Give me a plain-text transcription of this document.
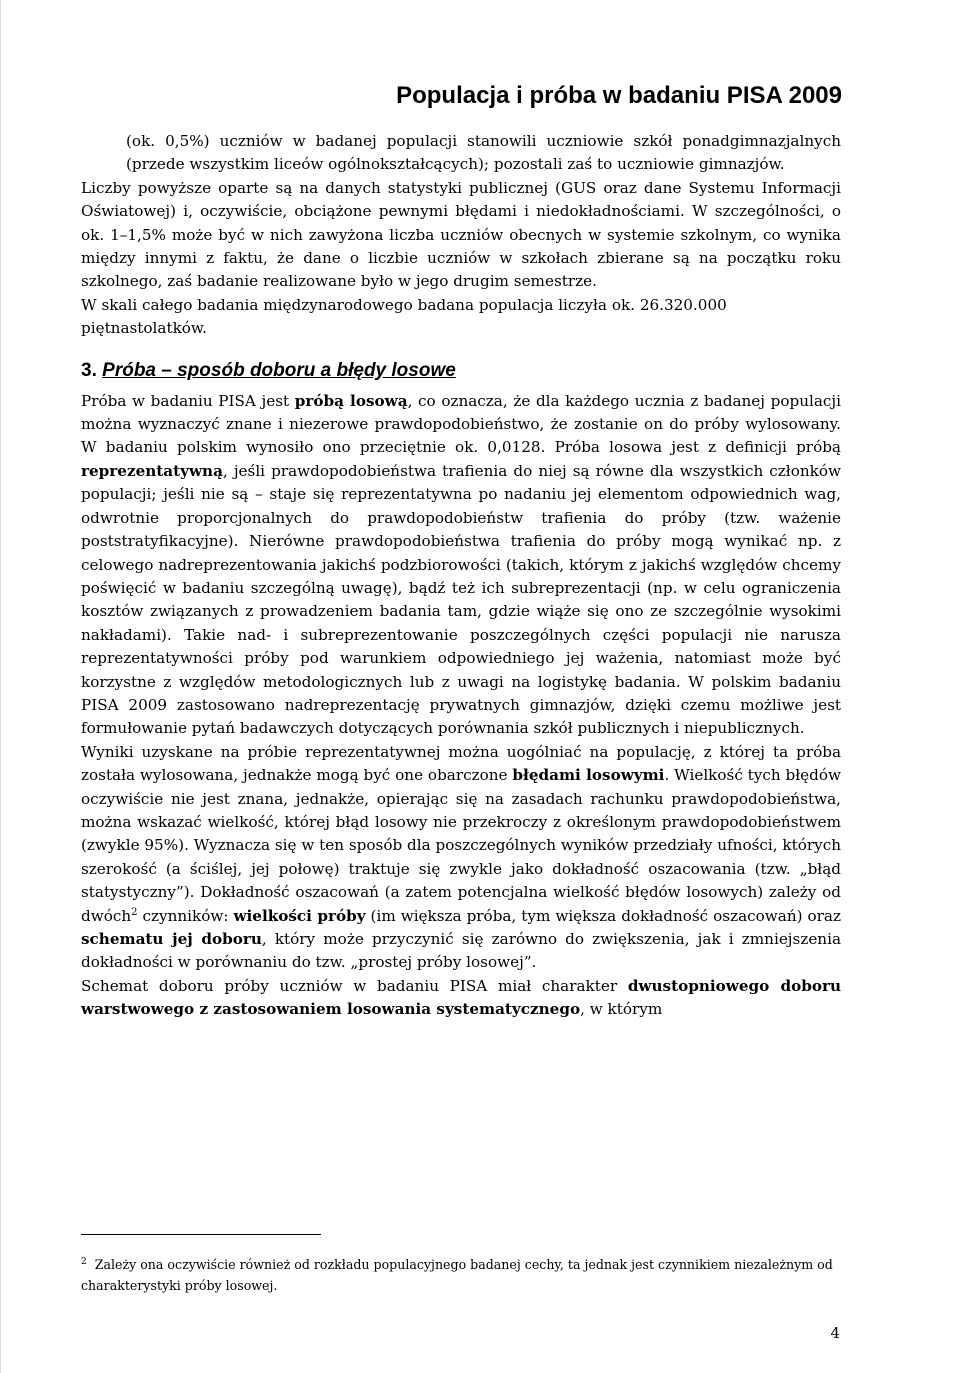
Populacja i próba w badaniu PISA 2009

(ok. 0,5%) uczniów w badanej populacji stanowili uczniowie szkół ponadgimnazjalnych (przede wszystkim liceów ogólnokształcących); pozostali zaś to uczniowie gimnazjów.

Liczby powyższe oparte są na danych statystyki publicznej (GUS oraz dane Systemu Informacji Oświatowej) i, oczywiście, obciążone pewnymi błędami i niedokładnościami. W szczególności, o ok. 1–1,5% może być w nich zawyżona liczba uczniów obecnych w systemie szkolnym, co wynika między innymi z faktu, że dane o liczbie uczniów w szkołach zbierane są na początku roku szkolnego, zaś badanie realizowane było w jego drugim semestrze.

W skali całego badania międzynarodowego badana populacja liczyła ok. 26.320.000 piętnastolatków.

3. Próba – sposób doboru a błędy losowe

Próba w badaniu PISA jest próbą losową, co oznacza, że dla każdego ucznia z badanej populacji można wyznaczyć znane i niezerowe prawdopodobieństwo, że zostanie on do próby wylosowany. W badaniu polskim wynosiło ono przeciętnie ok. 0,0128. Próba losowa jest z definicji próbą reprezentatywną, jeśli prawdopodobieństwa trafienia do niej są równe dla wszystkich członków populacji; jeśli nie są – staje się reprezentatywna po nadaniu jej elementom odpowiednich wag, odwrotnie proporcjonalnych do prawdopodobieństw trafienia do próby (tzw. ważenie poststratyfikacyjne). Nierówne prawdopodobieństwa trafienia do próby mogą wynikać np. z celowego nadreprezentowania jakichś podzbiorowości (takich, którym z jakichś względów chcemy poświęcić w badaniu szczególną uwagę), bądź też ich subreprezentacji (np. w celu ograniczenia kosztów związanych z prowadzeniem badania tam, gdzie wiąże się ono ze szczególnie wysokimi nakładami). Takie nad- i subreprezentowanie poszczególnych części populacji nie narusza reprezentatywności próby pod warunkiem odpowiedniego jej ważenia, natomiast może być korzystne z względów metodologicznych lub z uwagi na logistykę badania. W polskim badaniu PISA 2009 zastosowano nadreprezentację prywatnych gimnazjów, dzięki czemu możliwe jest formułowanie pytań badawczych dotyczących porównania szkół publicznych i niepublicznych.

Wyniki uzyskane na próbie reprezentatywnej można uogólniać na populację, z której ta próba została wylosowana, jednakże mogą być one obarczone błędami losowymi. Wielkość tych błędów oczywiście nie jest znana, jednakże, opierając się na zasadach rachunku prawdopodobieństwa, można wskazać wielkość, której błąd losowy nie przekroczy z określonym prawdopodobieństwem (zwykle 95%). Wyznacza się w ten sposób dla poszczególnych wyników przedziały ufności, których szerokość (a ściślej, jej połowę) traktuje się zwykle jako dokładność oszacowania (tzw. „błąd statystyczny”). Dokładność oszacowań (a zatem potencjalna wielkość błędów losowych) zależy od dwóch$^2$ czynników: wielkości próby (im większa próba, tym większa dokładność oszacowań) oraz schematu jej doboru, który może przyczynić się zarówno do zwiększenia, jak i zmniejszenia dokładności w porównaniu do tzw. „prostej próby losowej”.

Schemat doboru próby uczniów w badaniu PISA miał charakter dwustopniowego doboru warstwowego z zastosowaniem losowania systematycznego, w którym

$^2$ Zależy ona oczywiście również od rozkładu populacyjnego badanej cechy, ta jednak jest czynnikiem niezależnym od charakterystyki próby losowej.
4
